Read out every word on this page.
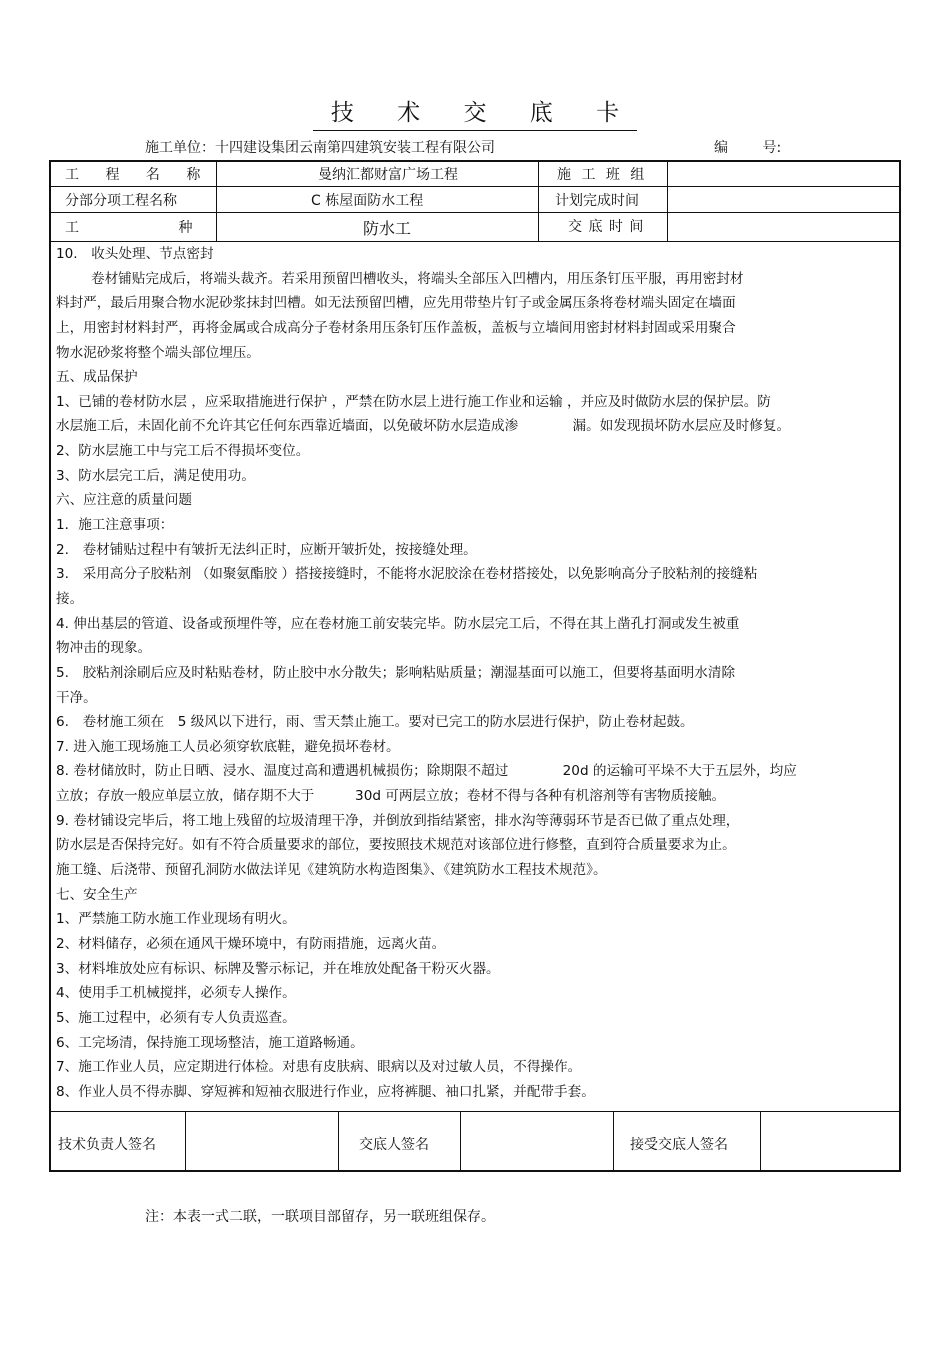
技 术 交 底 卡
施工单位：十四建设集团云南第四建筑安装工程有限公司	编 号:
工 程 名 称	曼纳汇都财富广场工程	施 工 班 组
分部分项工程名称	C 栋屋面防水工程	计划完成时间
工 种	防水工	交 底 时 间
10.　收头处理、节点密封
卷材铺贴完成后，将端头裁齐。若采用预留凹槽收头，将端头全部压入凹槽内，用压条钉压平服，再用密封材
料封严，最后用聚合物水泥砂浆抹封凹槽。如无法预留凹槽，应先用带垫片钉子或金属压条将卷材端头固定在墙面
上，用密封材料封严，再将金属或合成高分子卷材条用压条钉压作盖板，盖板与立墙间用密封材料封固或采用聚合
物水泥砂浆将整个端头部位埋压。
五、成品保护
1、已铺的卷材防水层 ，应采取措施进行保护 ，严禁在防水层上进行施工作业和运输 ，并应及时做防水层的保护层。防
水层施工后，未固化前不允许其它任何东西靠近墙面，以免破坏防水层造成渗　　　　漏。如发现损坏防水层应及时修复。
2、防水层施工中与完工后不得损坏变位。
3、防水层完工后，满足使用功。
六、应注意的质量问题
1．施工注意事项：
2.　卷材铺贴过程中有皱折无法纠正时，应断开皱折处，按接缝处理。
3.　采用高分子胶粘剂 （如聚氨酯胶 ）搭接接缝时，不能将水泥胶涂在卷材搭接处，以免影响高分子胶粘剂的接缝粘
接。
4. 伸出基层的管道、设备或预埋件等，应在卷材施工前安装完毕。防水层完工后，不得在其上凿孔打洞或发生被重
物冲击的现象。
5.　胶粘剂涂刷后应及时粘贴卷材，防止胶中水分散失；影响粘贴质量；潮湿基面可以施工，但要将基面明水清除
干净。
6.　卷材施工须在　5 级风以下进行，雨、雪天禁止施工。要对已完工的防水层进行保护，防止卷材起鼓。
7. 进入施工现场施工人员必须穿软底鞋，避免损坏卷材。
8. 卷材储放时，防止日晒、浸水、温度过高和遭遇机械损伤；除期限不超过　　　　20d 的运输可平垛不大于五层外，均应
立放；存放一般应单层立放，储存期不大于　　　30d 可两层立放；卷材不得与各种有机溶剂等有害物质接触。
9. 卷材铺设完毕后，将工地上残留的垃圾清理干净，并倒放到指结紧密，排水沟等薄弱环节是否已做了重点处理，
防水层是否保持完好。如有不符合质量要求的部位，要按照技术规范对该部位进行修整，直到符合质量要求为止。
施工缝、后浇带、预留孔洞防水做法详见《建筑防水构造图集》、《建筑防水工程技术规范》。
七、安全生产
1、严禁施工防水施工作业现场有明火。
2、材料储存，必须在通风干燥环境中，有防雨措施，远离火苗。
3、材料堆放处应有标识、标牌及警示标记，并在堆放处配备干粉灭火器。
4、使用手工机械搅拌，必须专人操作。
5、施工过程中，必须有专人负责巡查。
6、工完场清，保持施工现场整洁，施工道路畅通。
7、施工作业人员，应定期进行体检。对患有皮肤病、眼病以及对过敏人员，不得操作。
8、作业人员不得赤脚、穿短裤和短袖衣服进行作业，应将裤腿、袖口扎紧，并配带手套。
技术负责人签名	交底人签名	接受交底人签名
注：本表一式二联，一联项目部留存，另一联班组保存。
